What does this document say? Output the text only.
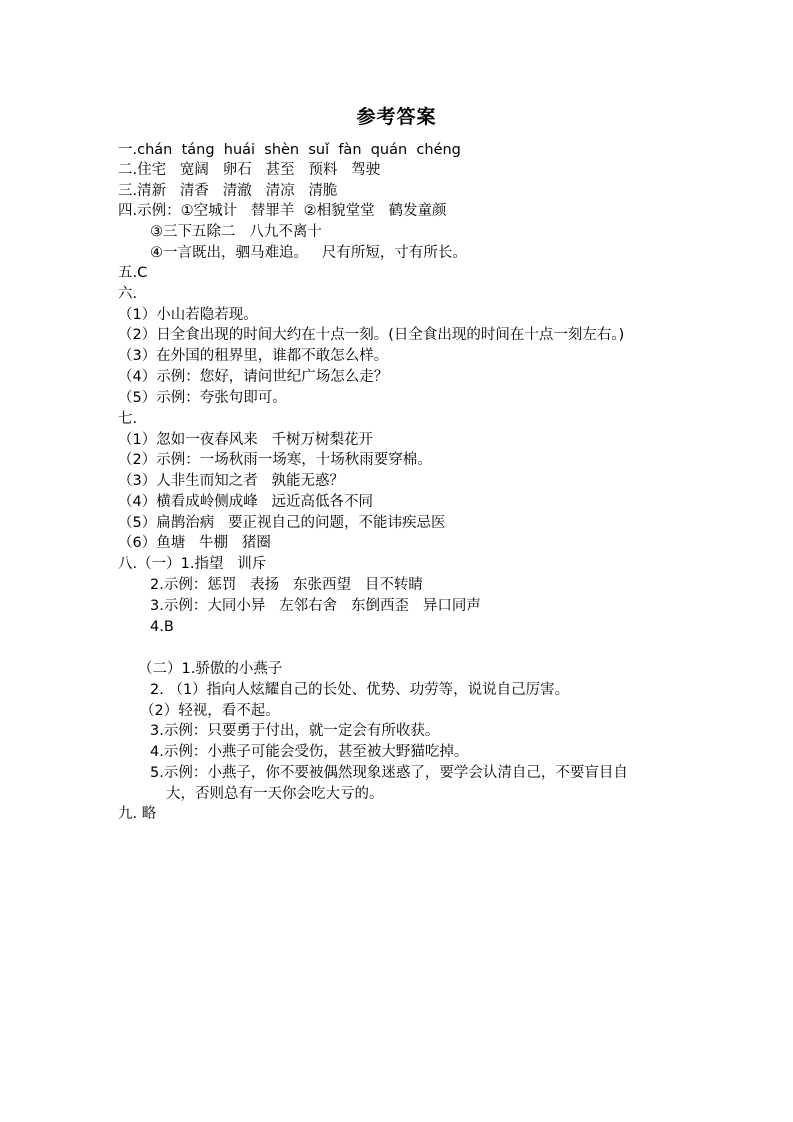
参考答案
一.chán  táng  huái  shèn  suǐ  fàn  quán  chéng
二.住宅   宽阔   卵石   甚至   预料   驾驶
三.清新   清香   清澈   清凉   清脆
四.示例：①空城计   替罪羊  ②相貌堂堂   鹤发童颜
③三下五除二   八九不离十
④一言既出，驷马难追。   尺有所短，寸有所长。
五.C
六.
（1）小山若隐若现。
（2）日全食出现的时间大约在十点一刻。(日全食出现的时间在十点一刻左右。)
（3）在外国的租界里，谁都不敢怎么样。
（4）示例：您好，请问世纪广场怎么走？
（5）示例：夸张句即可。
七.
（1）忽如一夜春风来   千树万树梨花开
（2）示例：一场秋雨一场寒，十场秋雨要穿棉。
（3）人非生而知之者   孰能无惑？
（4）横看成岭侧成峰   远近高低各不同
（5）扁鹊治病   要正视自己的问题，不能讳疾忌医
（6）鱼塘   牛棚   猪圈
八.（一）1.指望   训斥
2.示例：惩罚   表扬   东张西望   目不转睛
3.示例：大同小异   左邻右舍   东倒西歪   异口同声
4.B
（二）1.骄傲的小燕子
2. （1）指向人炫耀自己的长处、优势、功劳等，说说自己厉害。
（2）轻视，看不起。
3.示例：只要勇于付出，就一定会有所收获。
4.示例：小燕子可能会受伤，甚至被大野猫吃掉。
5.示例：小燕子，你不要被偶然现象迷惑了，要学会认清自己，不要盲目自
大，否则总有一天你会吃大亏的。
九. 略
